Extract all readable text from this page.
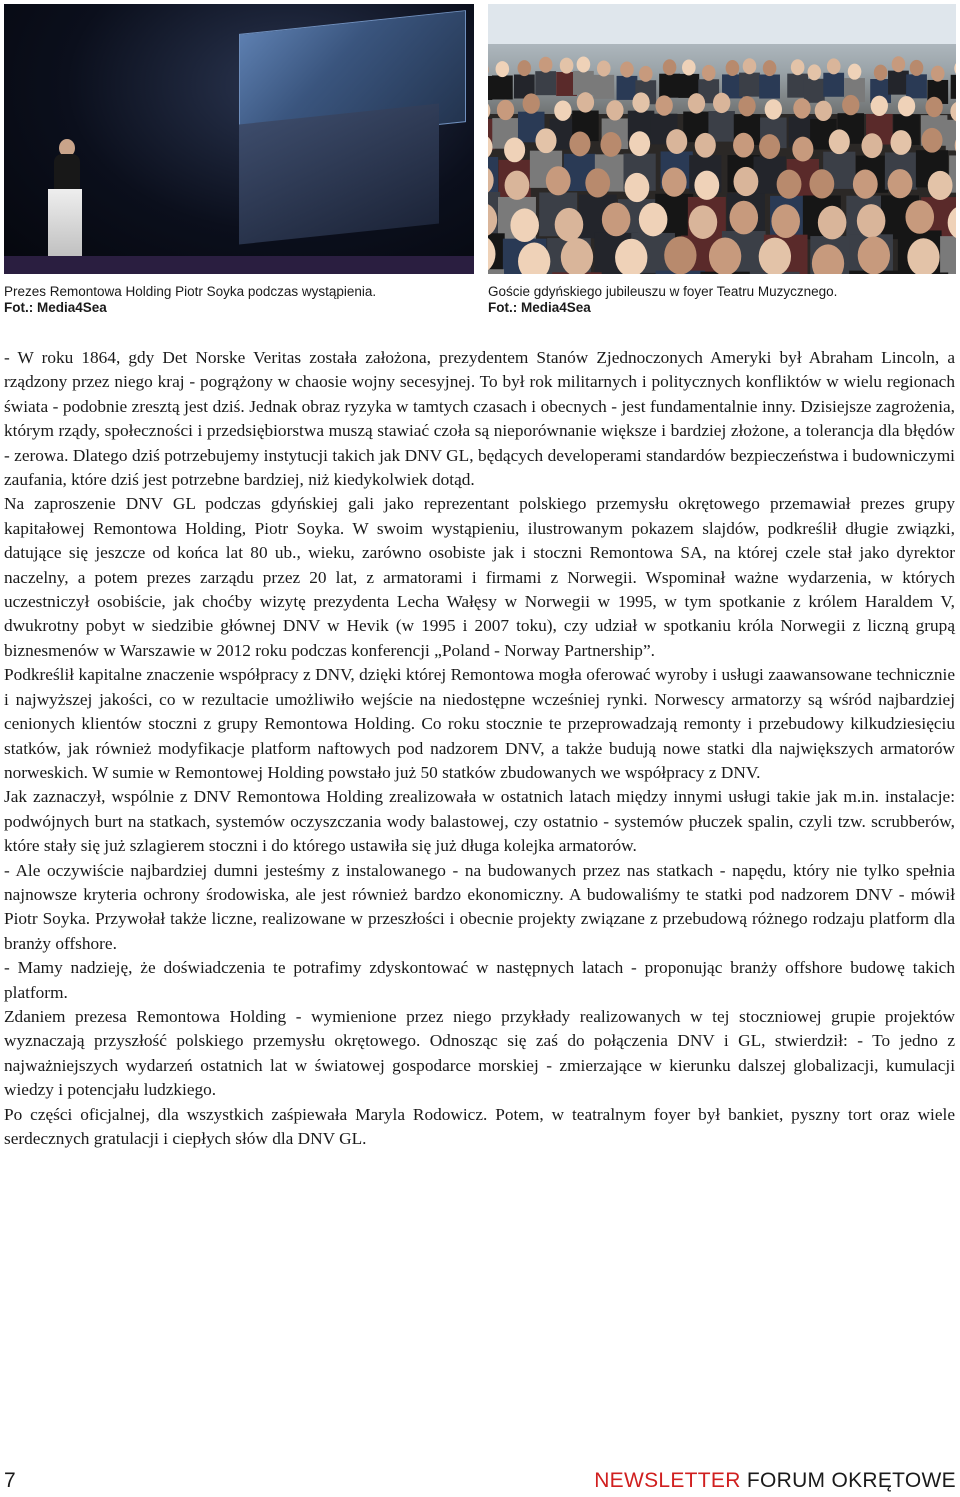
Prezes Remontowa Holding Piotr Soyka podczas wystąpienia.
Fot.: Media4Sea
Goście gdyńskiego jubileuszu w foyer Teatru Muzycznego.
Fot.: Media4Sea

- W roku 1864, gdy Det Norske Veritas została założona, prezydentem Stanów Zjednoczonych Ameryki był Abraham Lincoln, a rządzony przez niego kraj - pogrążony w chaosie wojny secesyjnej. To był rok militarnych i politycznych konfliktów w wielu regionach świata - podobnie zresztą jest dziś. Jednak obraz ryzyka w tamtych czasach i obecnych - jest fundamentalnie inny. Dzisiejsze zagrożenia, którym rządy, społeczności i przedsiębiorstwa muszą stawiać czoła są nieporównanie większe i bardziej złożone, a tolerancja dla błędów - zerowa. Dlatego dziś potrzebujemy instytucji takich jak DNV GL, będących developerami standardów bezpieczeństwa i budowniczymi zaufania, które dziś jest potrzebne bardziej, niż kiedykolwiek dotąd.

Na zaproszenie DNV GL podczas gdyńskiej gali jako reprezentant polskiego przemysłu okrętowego przemawiał prezes grupy kapitałowej Remontowa Holding, Piotr Soyka. W swoim wystąpieniu, ilustrowanym pokazem slajdów, podkreślił długie związki, datujące się jeszcze od końca lat 80 ub., wieku, zarówno osobiste jak i stoczni Remontowa SA, na której czele stał jako dyrektor naczelny, a potem prezes zarządu przez 20 lat, z armatorami i firmami z Norwegii. Wspominał ważne wydarzenia, w których uczestniczył osobiście, jak choćby wizytę prezydenta Lecha Wałęsy w Norwegii w 1995, w tym spotkanie z królem Haraldem V, dwukrotny pobyt w siedzibie głównej DNV w Hevik (w 1995 i 2007 toku), czy udział w spotkaniu króla Norwegii z liczną grupą biznesmenów w Warszawie w 2012 roku podczas konferencji „Poland - Norway Partnership”.

Podkreślił kapitalne znaczenie współpracy z DNV, dzięki której Remontowa mogła oferować wyroby i usługi zaawansowane technicznie i najwyższej jakości, co w rezultacie umożliwiło wejście na niedostępne wcześniej rynki. Norwescy armatorzy są wśród najbardziej cenionych klientów stoczni z grupy Remontowa Holding. Co roku stocznie te przeprowadzają remonty i przebudowy kilkudziesięciu statków, jak również modyfikacje platform naftowych pod nadzorem DNV, a także budują nowe statki dla największych armatorów norweskich. W sumie w Remontowej Holding powstało już 50 statków zbudowanych we współpracy z DNV.

Jak zaznaczył, wspólnie z DNV Remontowa Holding zrealizowała w ostatnich latach między innymi usługi takie jak m.in. instalacje: podwójnych burt na statkach, systemów oczyszczania wody balastowej, czy ostatnio - systemów płuczek spalin, czyli tzw. scrubberów, które stały się już szlagierem stoczni i do którego ustawiła się już długa kolejka armatorów.

- Ale oczywiście najbardziej dumni jesteśmy z instalowanego - na budowanych przez nas statkach - napędu, który nie tylko spełnia najnowsze kryteria ochrony środowiska, ale jest również bardzo ekonomiczny. A budowaliśmy te statki pod nadzorem DNV - mówił Piotr Soyka. Przywołał także liczne, realizowane w przeszłości i obecnie projekty związane z przebudową różnego rodzaju platform dla branży offshore.

- Mamy nadzieję, że doświadczenia te potrafimy zdyskontować w następnych latach - proponując branży offshore budowę takich platform.

Zdaniem prezesa Remontowa Holding - wymienione przez niego przykłady realizowanych w tej stoczniowej grupie projektów wyznaczają przyszłość polskiego przemysłu okrętowego. Odnosząc się zaś do połączenia DNV i GL, stwierdził: - To jedno z najważniejszych wydarzeń ostatnich lat w światowej gospodarce morskiej - zmierzające w kierunku dalszej globalizacji, kumulacji wiedzy i potencjału ludzkiego.

Po części oficjalnej, dla wszystkich zaśpiewała Maryla Rodowicz. Potem, w teatralnym foyer był bankiet, pyszny tort oraz wiele serdecznych gratulacji i ciepłych słów dla DNV GL.

7	NEWSLETTER FORUM OKRĘTOWE
